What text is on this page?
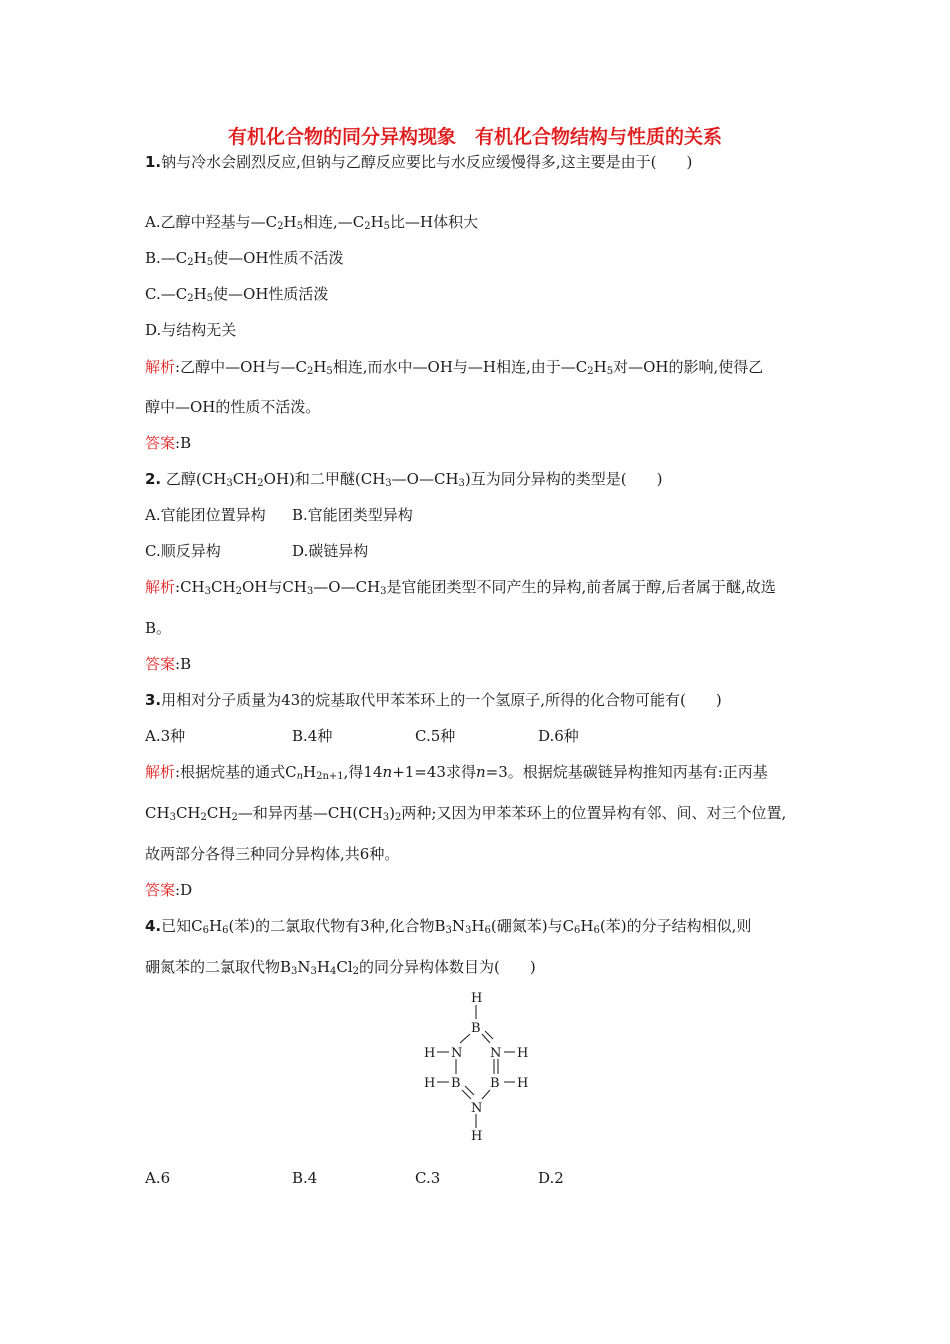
有机化合物的同分异构现象　有机化合物结构与性质的关系
1.钠与冷水会剧烈反应,但钠与乙醇反应要比与水反应缓慢得多,这主要是由于(　　)
A.乙醇中羟基与$—C_2H_5$相连$,—C_2H_5$比—H体积大
$B.—C_2H_5$使—OH性质不活泼
$C.—C_2H_5$使—OH性质活泼
D.与结构无关
解析:乙醇中—OH与$—C_2H_5$相连,而水中—OH与—H相连,由于$—C_2H_5$对—OH的影响,使得乙
醇中—OH的性质不活泼。
答案:B
2. 乙醇$(CH_3CH_2OH)$和二甲醚$(CH_3—O—CH_3)$互为同分异构的类型是(　　)
A.官能团位置异构 B.官能团类型异构
C.顺反异构	D.碳链异构
解析$:CH_3CH_2OH$与$CH_3—O—CH_3$是官能团类型不同产生的异构,前者属于醇,后者属于醚,故选
B。
答案:B
3.用相对分子质量为43的烷基取代甲苯苯环上的一个氢原子,所得的化合物可能有(　　)
A.3种	B.4种	C.5种	D.6种
解析:根据烷基的通式$C_nH_{2n+1}$,得14n+1=43求得n=3。根据烷基碳链异构推知丙基有:正丙基
$CH_3CH_2CH_2—$和异丙基$—CH(CH_3)_2$两种;又因为甲苯苯环上的位置异构有邻、间、对三个位置,
故两部分各得三种同分异构体,共6种。
答案:D
4.已知$C_6H_6$(苯)的二氯取代物有3种,化合物$B_3N_3H_6$(硼氮苯)与$C_6H_6$(苯)的分子结构相似,则
硼氮苯的二氯取代物$B_3N_3H_4Cl_2$的同分异构体数目为(　　)
H
B
H N N H
H B B H
N
H
A.6	B.4	C.3	D.2
